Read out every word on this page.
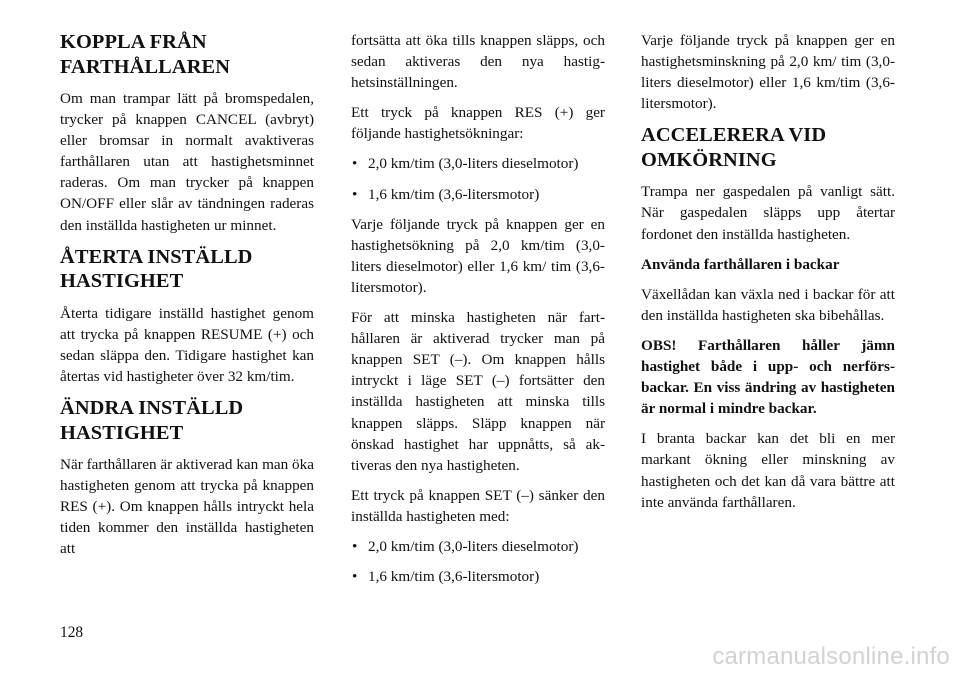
KOPPLA FRÅN
FARTHÅLLAREN

Om man trampar lätt på bromspedalen, trycker på knappen CANCEL (avbryt) eller bromsar in normalt avaktiveras farthållaren utan att hastighetsminnet raderas. Om man trycker på knappen ON/OFF eller slår av tändningen raderas den inställda hastigheten ur minnet.

ÅTERTA INSTÄLLD
HASTIGHET

Återta tidigare inställd hastighet genom att trycka på knappen RESUME (+) och sedan släppa den. Tidigare hastighet kan återtas vid hastigheter över 32 km/tim.

ÄNDRA INSTÄLLD
HASTIGHET

När farthållaren är aktiverad kan man öka hastigheten genom att trycka på knappen RES (+). Om knappen hålls intryckt hela tiden kommer den inställda hastigheten att

fortsätta att öka tills knappen släpps, och sedan aktiveras den nya hastighetsinställningen.

Ett tryck på knappen RES (+) ger följande hastighetsökningar:

• 2,0 km/tim (3,0-liters dieselmotor)
• 1,6 km/tim (3,6-litersmotor)

Varje följande tryck på knappen ger en hastighetsökning på 2,0 km/tim (3,0-liters dieselmotor) eller 1,6 km/ tim (3,6-litersmotor).

För att minska hastigheten när farthållaren är aktiverad trycker man på knappen SET (–). Om knappen hålls intryckt i läge SET (–) fortsätter den inställda hastigheten att minska tills knappen släpps. Släpp knappen när önskad hastighet har uppnåtts, så aktiveras den nya hastigheten.

Ett tryck på knappen SET (–) sänker den inställda hastigheten med:

• 2,0 km/tim (3,0-liters dieselmotor)
• 1,6 km/tim (3,6-litersmotor)

Varje följande tryck på knappen ger en hastighetsminskning på 2,0 km/ tim (3,0-liters dieselmotor) eller 1,6 km/tim (3,6-litersmotor).

ACCELERERA VID
OMKÖRNING

Trampa ner gaspedalen på vanligt sätt. När gaspedalen släpps upp återtar fordonet den inställda hastigheten.

Använda farthållaren i backar

Växellådan kan växla ned i backar för att den inställda hastigheten ska bibehållas.

OBS! Farthållaren håller jämn hastighet både i upp- och nerförsbackar. En viss ändring av hastigheten är normal i mindre backar.

I branta backar kan det bli en mer markant ökning eller minskning av hastigheten och det kan då vara bättre att inte använda farthållaren.

128
carmanualsonline.info
